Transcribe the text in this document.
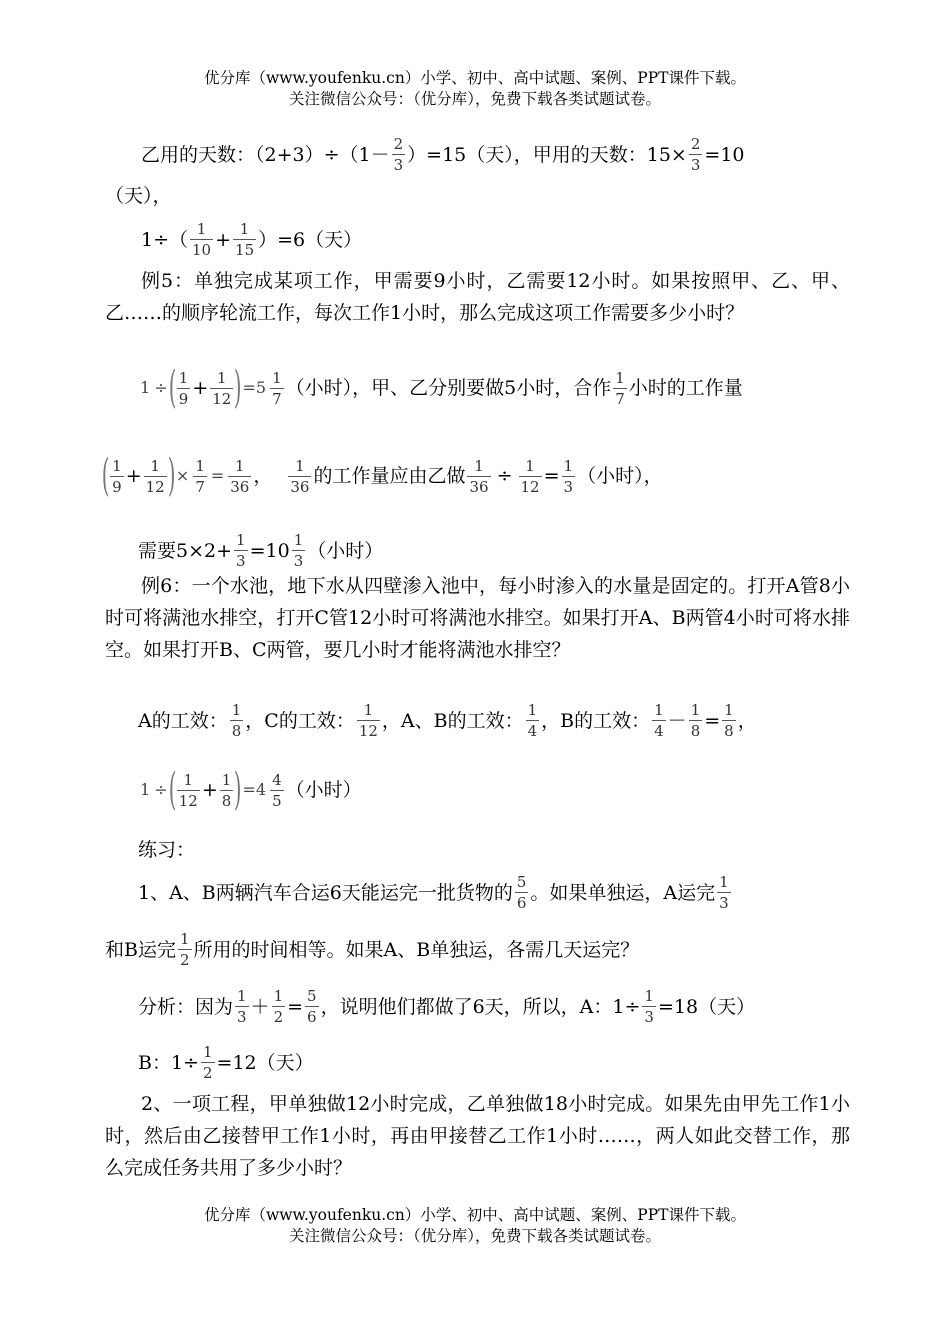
优分库（www.youfenku.cn）小学、初中、高中试题、案例、PPT课件下载。
关注微信公众号：（优分库），免费下载各类试题试卷。
乙用的天数：$(2+3)\div(1- \frac{2}{3} )=15$（天），甲用的天数：$15\times \frac{2}{3} =10$
（天），
$1\div( \frac{1}{10} + \frac{1}{15} )=6$（天）
例5：单独完成某项工作，甲需要9小时，乙需要12小时。如果按照甲、乙、甲、乙……的顺序轮流工作，每次工作1小时，那么完成这项工作需要多少小时？
1 ÷ ( $\frac{1}{9} + \frac{1}{12}$ ) $=5 \frac{1}{7}$ （小时），甲、乙分别要做5小时，合作 $\frac{1}{7}$ 小时的工作量
( $\frac{1}{9} + \frac{1}{12}$ ) × $\frac{1}{7} = \frac{1}{36}$ ， $\frac{1}{36}$ 的工作量应由乙做 $\frac{1}{36} \div \frac{1}{12} = \frac{1}{3}$ （小时），
需要$5\times 2+ \frac{1}{3} =10 \frac{1}{3}$ （小时）
例6：一个水池，地下水从四壁渗入池中，每小时渗入的水量是固定的。打开A管8小时可将满池水排空，打开C管12小时可将满池水排空。如果打开A、B两管4小时可将水排空。如果打开B、C两管，要几小时才能将满池水排空？
A的工效： $\frac{1}{8}$ ，C的工效： $\frac{1}{12}$ ，A、B的工效： $\frac{1}{4}$ ，B的工效： $\frac{1}{4} - \frac{1}{8} = \frac{1}{8}$ ，
1 ÷ ( $\frac{1}{12} + \frac{1}{8}$ ) $=4 \frac{4}{5}$ （小时）
练习：
1、A、B两辆汽车合运6天能运完一批货物的 $\frac{5}{6}$ 。如果单独运，A运完 $\frac{1}{3}$
和B运完 $\frac{1}{2}$ 所用的时间相等。如果A、B单独运，各需几天运完？
分析：因为 $\frac{1}{3} + \frac{1}{2} = \frac{5}{6}$ ，说明他们都做了6天，所以，A：$1\div \frac{1}{3} =18$（天）
B：$1\div \frac{1}{2} =12$（天）
2、一项工程，甲单独做12小时完成，乙单独做18小时完成。如果先由甲先工作1小时，然后由乙接替甲工作1小时，再由甲接替乙工作1小时……，两人如此交替工作，那么完成任务共用了多少小时？
优分库（www.youfenku.cn）小学、初中、高中试题、案例、PPT课件下载。
关注微信公众号：（优分库），免费下载各类试题试卷。
